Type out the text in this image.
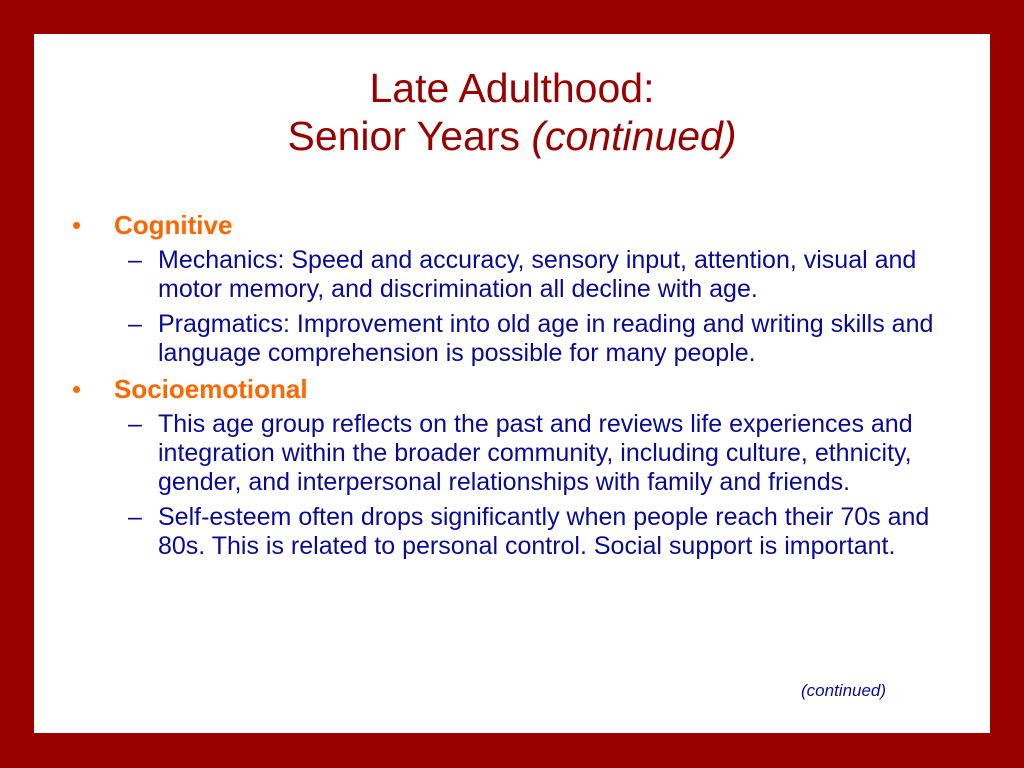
Late Adulthood:
Senior Years (continued)
• Cognitive
– Mechanics: Speed and accuracy, sensory input, attention, visual and motor memory, and discrimination all decline with age.
– Pragmatics: Improvement into old age in reading and writing skills and language comprehension is possible for many people.
• Socioemotional
– This age group reflects on the past and reviews life experiences and integration within the broader community, including culture, ethnicity, gender, and interpersonal relationships with family and friends.
– Self-esteem often drops significantly when people reach their 70s and 80s. This is related to personal control. Social support is important.
(continued)
